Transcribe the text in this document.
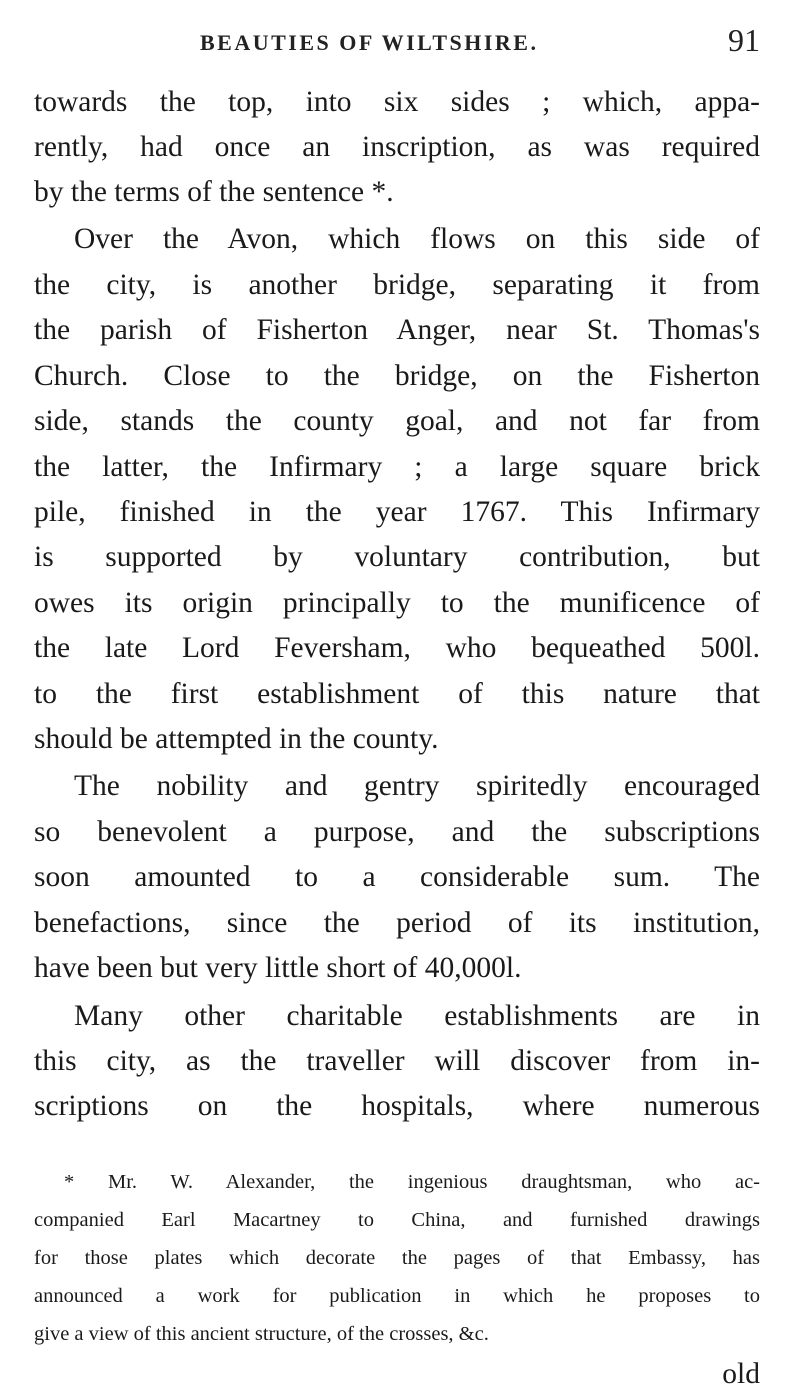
BEAUTIES OF WILTSHIRE.	91
towards the top, into six sides ; which, appa-
rently, had once an inscription, as was required
by the terms of the sentence *.
Over the Avon, which flows on this side of
the city, is another bridge, separating it from
the parish of Fisherton Anger, near St. Thomas's
Church. Close to the bridge, on the Fisherton
side, stands the county goal, and not far from
the latter, the Infirmary ; a large square brick
pile, finished in the year 1767. This Infirmary
is supported by voluntary contribution, but
owes its origin principally to the munificence of
the late Lord Feversham, who bequeathed 500l.
to the first establishment of this nature that
should be attempted in the county.
The nobility and gentry spiritedly encouraged
so benevolent a purpose, and the subscriptions
soon amounted to a considerable sum. The
benefactions, since the period of its institution,
have been but very little short of 40,000l.
Many other charitable establishments are in
this city, as the traveller will discover from in-
scriptions on the hospitals, where numerous
* Mr. W. Alexander, the ingenious draughtsman, who ac-
companied Earl Macartney to China, and furnished drawings
for those plates which decorate the pages of that Embassy, has
announced a work for publication in which he proposes to
give a view of this ancient structure, of the crosses, &c.
old
